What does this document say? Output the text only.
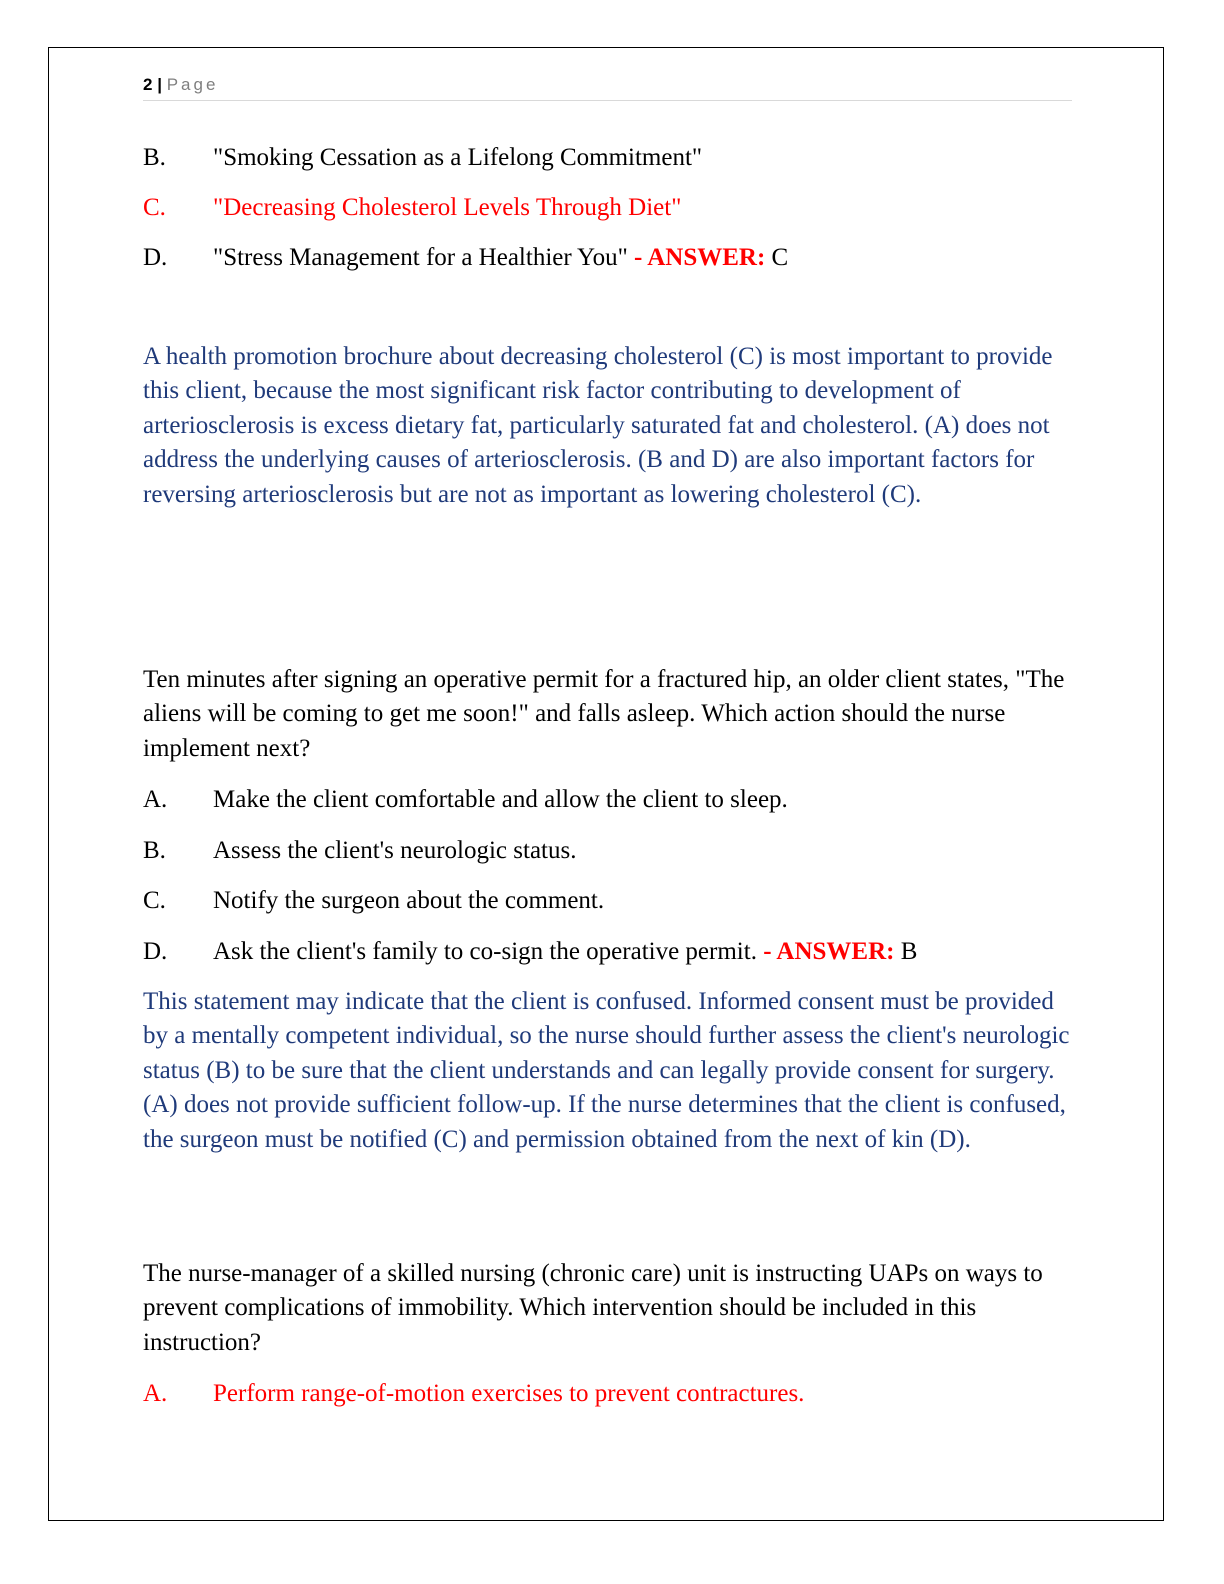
2 | Page
B. "Smoking Cessation as a Lifelong Commitment"
C. "Decreasing Cholesterol Levels Through Diet"
D. "Stress Management for a Healthier You" - ANSWER: C

A health promotion brochure about decreasing cholesterol (C) is most important to provide this client, because the most significant risk factor contributing to development of arteriosclerosis is excess dietary fat, particularly saturated fat and cholesterol. (A) does not address the underlying causes of arteriosclerosis. (B and D) are also important factors for reversing arteriosclerosis but are not as important as lowering cholesterol (C).

Ten minutes after signing an operative permit for a fractured hip, an older client states, "The aliens will be coming to get me soon!" and falls asleep. Which action should the nurse implement next?

A. Make the client comfortable and allow the client to sleep.
B. Assess the client's neurologic status.
C. Notify the surgeon about the comment.
D. Ask the client's family to co-sign the operative permit. - ANSWER: B

This statement may indicate that the client is confused. Informed consent must be provided by a mentally competent individual, so the nurse should further assess the client's neurologic status (B) to be sure that the client understands and can legally provide consent for surgery. (A) does not provide sufficient follow-up. If the nurse determines that the client is confused, the surgeon must be notified (C) and permission obtained from the next of kin (D).

The nurse-manager of a skilled nursing (chronic care) unit is instructing UAPs on ways to prevent complications of immobility. Which intervention should be included in this instruction?

A. Perform range-of-motion exercises to prevent contractures.
